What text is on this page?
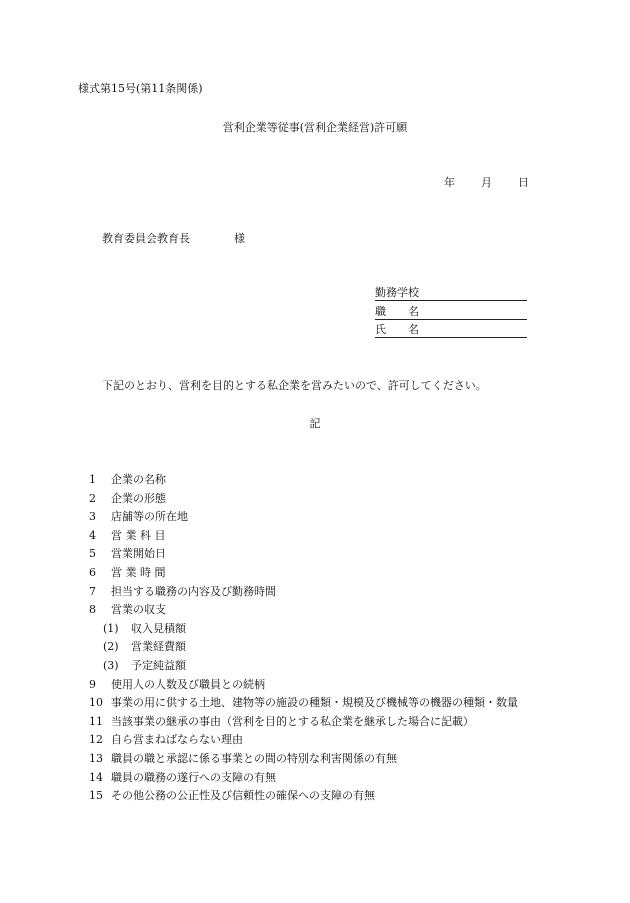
様式第15号(第11条関係)
営利企業等従事(営利企業経営)許可願
年 月 日
教育委員会教育長	様
勤務学校
職　　名
氏　　名
下記のとおり、営利を目的とする私企業を営みたいので、許可してください。
記
1	企業の名称
2	企業の形態
3	店舗等の所在地
4	営 業 科 目
5	営業開始日
6	営 業 時 間
7	担当する職務の内容及び勤務時間
8	営業の収支
(1)	収入見積額
(2)	営業経費額
(3)	予定純益額
9	使用人の人数及び職員との続柄
10 事業の用に供する土地、建物等の施設の種類・規模及び機械等の機器の種類・数量
11 当該事業の継承の事由（営利を目的とする私企業を継承した場合に記載）
12 自ら営まねばならない理由
13 職員の職と承認に係る事業との間の特別な利害関係の有無
14 職員の職務の遂行への支障の有無
15 その他公務の公正性及び信頼性の確保への支障の有無
